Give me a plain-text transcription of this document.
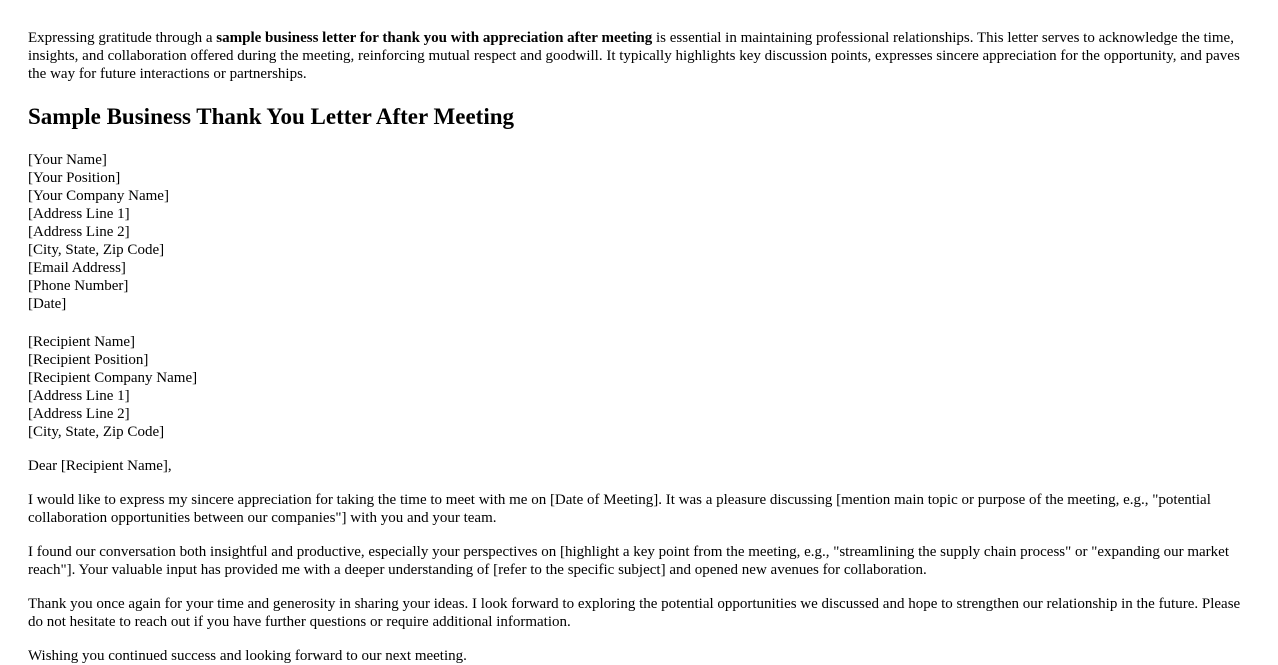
Expressing gratitude through a sample business letter for thank you with appreciation after meeting is essential in maintaining professional relationships. This letter serves to acknowledge the time, insights, and collaboration offered during the meeting, reinforcing mutual respect and goodwill. It typically highlights key discussion points, expresses sincere appreciation for the opportunity, and paves the way for future interactions or partnerships.

Sample Business Thank You Letter After Meeting
[Your Name]
[Your Position]
[Your Company Name]
[Address Line 1]
[Address Line 2]
[City, State, Zip Code]
[Email Address]
[Phone Number]
[Date]
[Recipient Name]
[Recipient Position]
[Recipient Company Name]
[Address Line 1]
[Address Line 2]
[City, State, Zip Code]

Dear [Recipient Name],

I would like to express my sincere appreciation for taking the time to meet with me on [Date of Meeting]. It was a pleasure discussing [mention main topic or purpose of the meeting, e.g., "potential collaboration opportunities between our companies"] with you and your team.

I found our conversation both insightful and productive, especially your perspectives on [highlight a key point from the meeting, e.g., "streamlining the supply chain process" or "expanding our market reach"]. Your valuable input has provided me with a deeper understanding of [refer to the specific subject] and opened new avenues for collaboration.

Thank you once again for your time and generosity in sharing your ideas. I look forward to exploring the potential opportunities we discussed and hope to strengthen our relationship in the future. Please do not hesitate to reach out if you have further questions or require additional information.

Wishing you continued success and looking forward to our next meeting.
